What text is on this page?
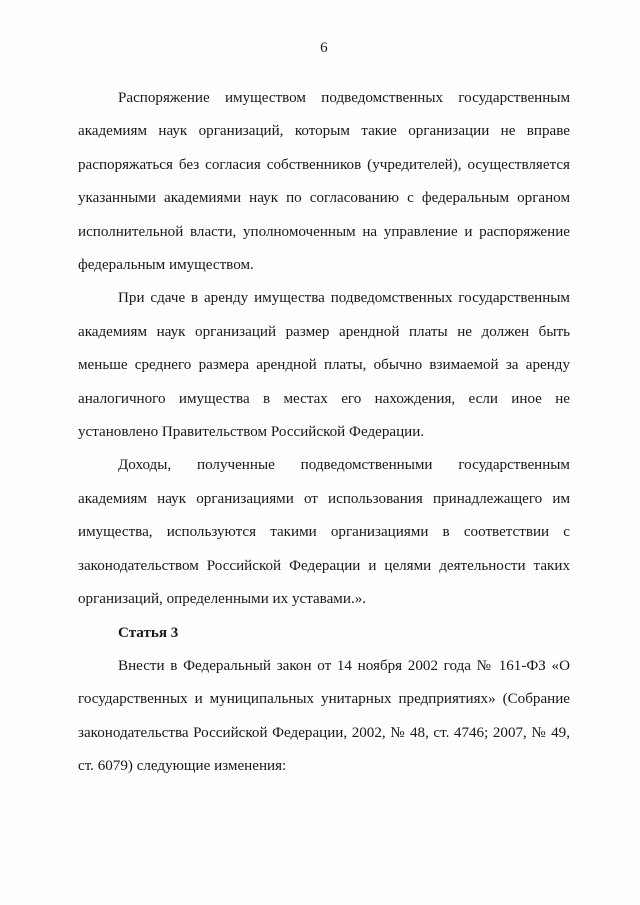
6

Распоряжение имуществом подведомственных государственным академиям наук организаций, которым такие организации не вправе распоряжаться без согласия собственников (учредителей), осуществляется указанными академиями наук по согласованию с федеральным органом исполнительной власти, уполномоченным на управление и распоряжение федеральным имуществом.

При сдаче в аренду имущества подведомственных государственным академиям наук организаций размер арендной платы не должен быть меньше среднего размера арендной платы, обычно взимаемой за аренду аналогичного имущества в местах его нахождения, если иное не установлено Правительством Российской Федерации.

Доходы, полученные подведомственными государственным академиям наук организациями от использования принадлежащего им имущества, используются такими организациями в соответствии с законодательством Российской Федерации и целями деятельности таких организаций, определенными их уставами.».

Статья 3

Внести в Федеральный закон от 14 ноября 2002 года № 161-ФЗ «О государственных и муниципальных унитарных предприятиях» (Собрание законодательства Российской Федерации, 2002, № 48, ст. 4746; 2007, № 49, ст. 6079) следующие изменения:
